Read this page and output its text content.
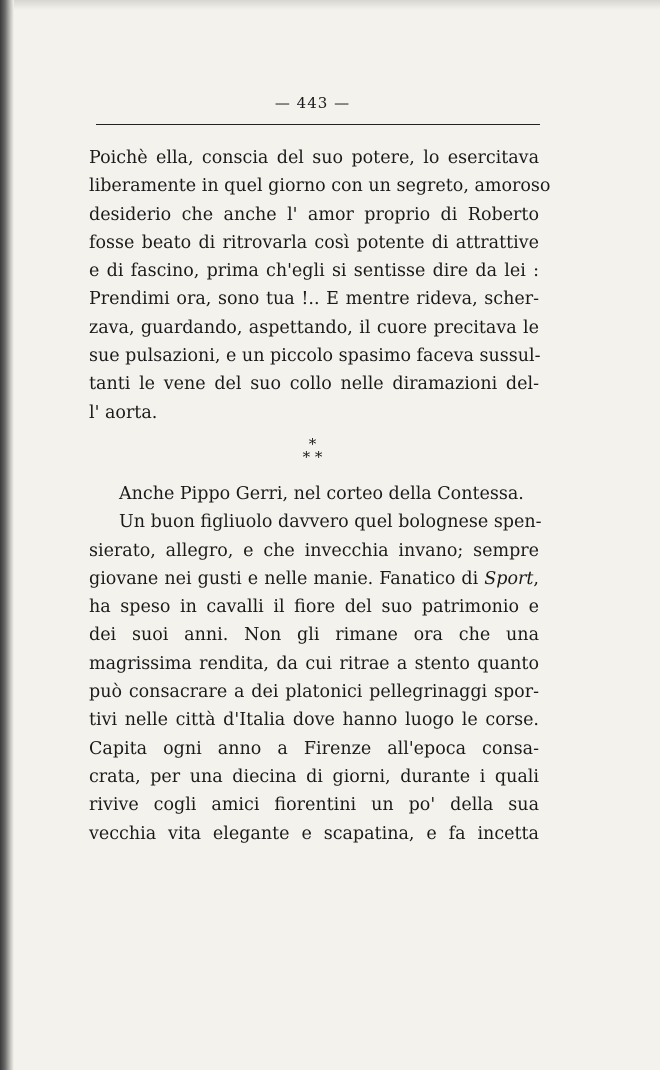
— 443 —
Poichè ella, conscia del suo potere, lo esercitava
liberamente in quel giorno con un segreto, amoroso
desiderio che anche l' amor proprio di Roberto
fosse beato di ritrovarla così potente di attrattive
e di fascino, prima ch'egli si sentisse dire da lei :
Prendimi ora, sono tua !.. E mentre rideva, scher-
zava, guardando, aspettando, il cuore precitava le
sue pulsazioni, e un piccolo spasimo faceva sussul-
tanti le vene del suo collo nelle diramazioni del-
l' aorta.
*
* *
Anche Pippo Gerri, nel corteo della Contessa.
Un buon figliuolo davvero quel bolognese spen-
sierato, allegro, e che invecchia invano; sempre
giovane nei gusti e nelle manie. Fanatico di Sport,
ha speso in cavalli il fiore del suo patrimonio e
dei suoi anni. Non gli rimane ora che una
magrissima rendita, da cui ritrae a stento quanto
può consacrare a dei platonici pellegrinaggi spor-
tivi nelle città d'Italia dove hanno luogo le corse.
Capita ogni anno a Firenze all'epoca consa-
crata, per una diecina di giorni, durante i quali
rivive cogli amici fiorentini un po' della sua
vecchia vita elegante e scapatina, e fa incetta
